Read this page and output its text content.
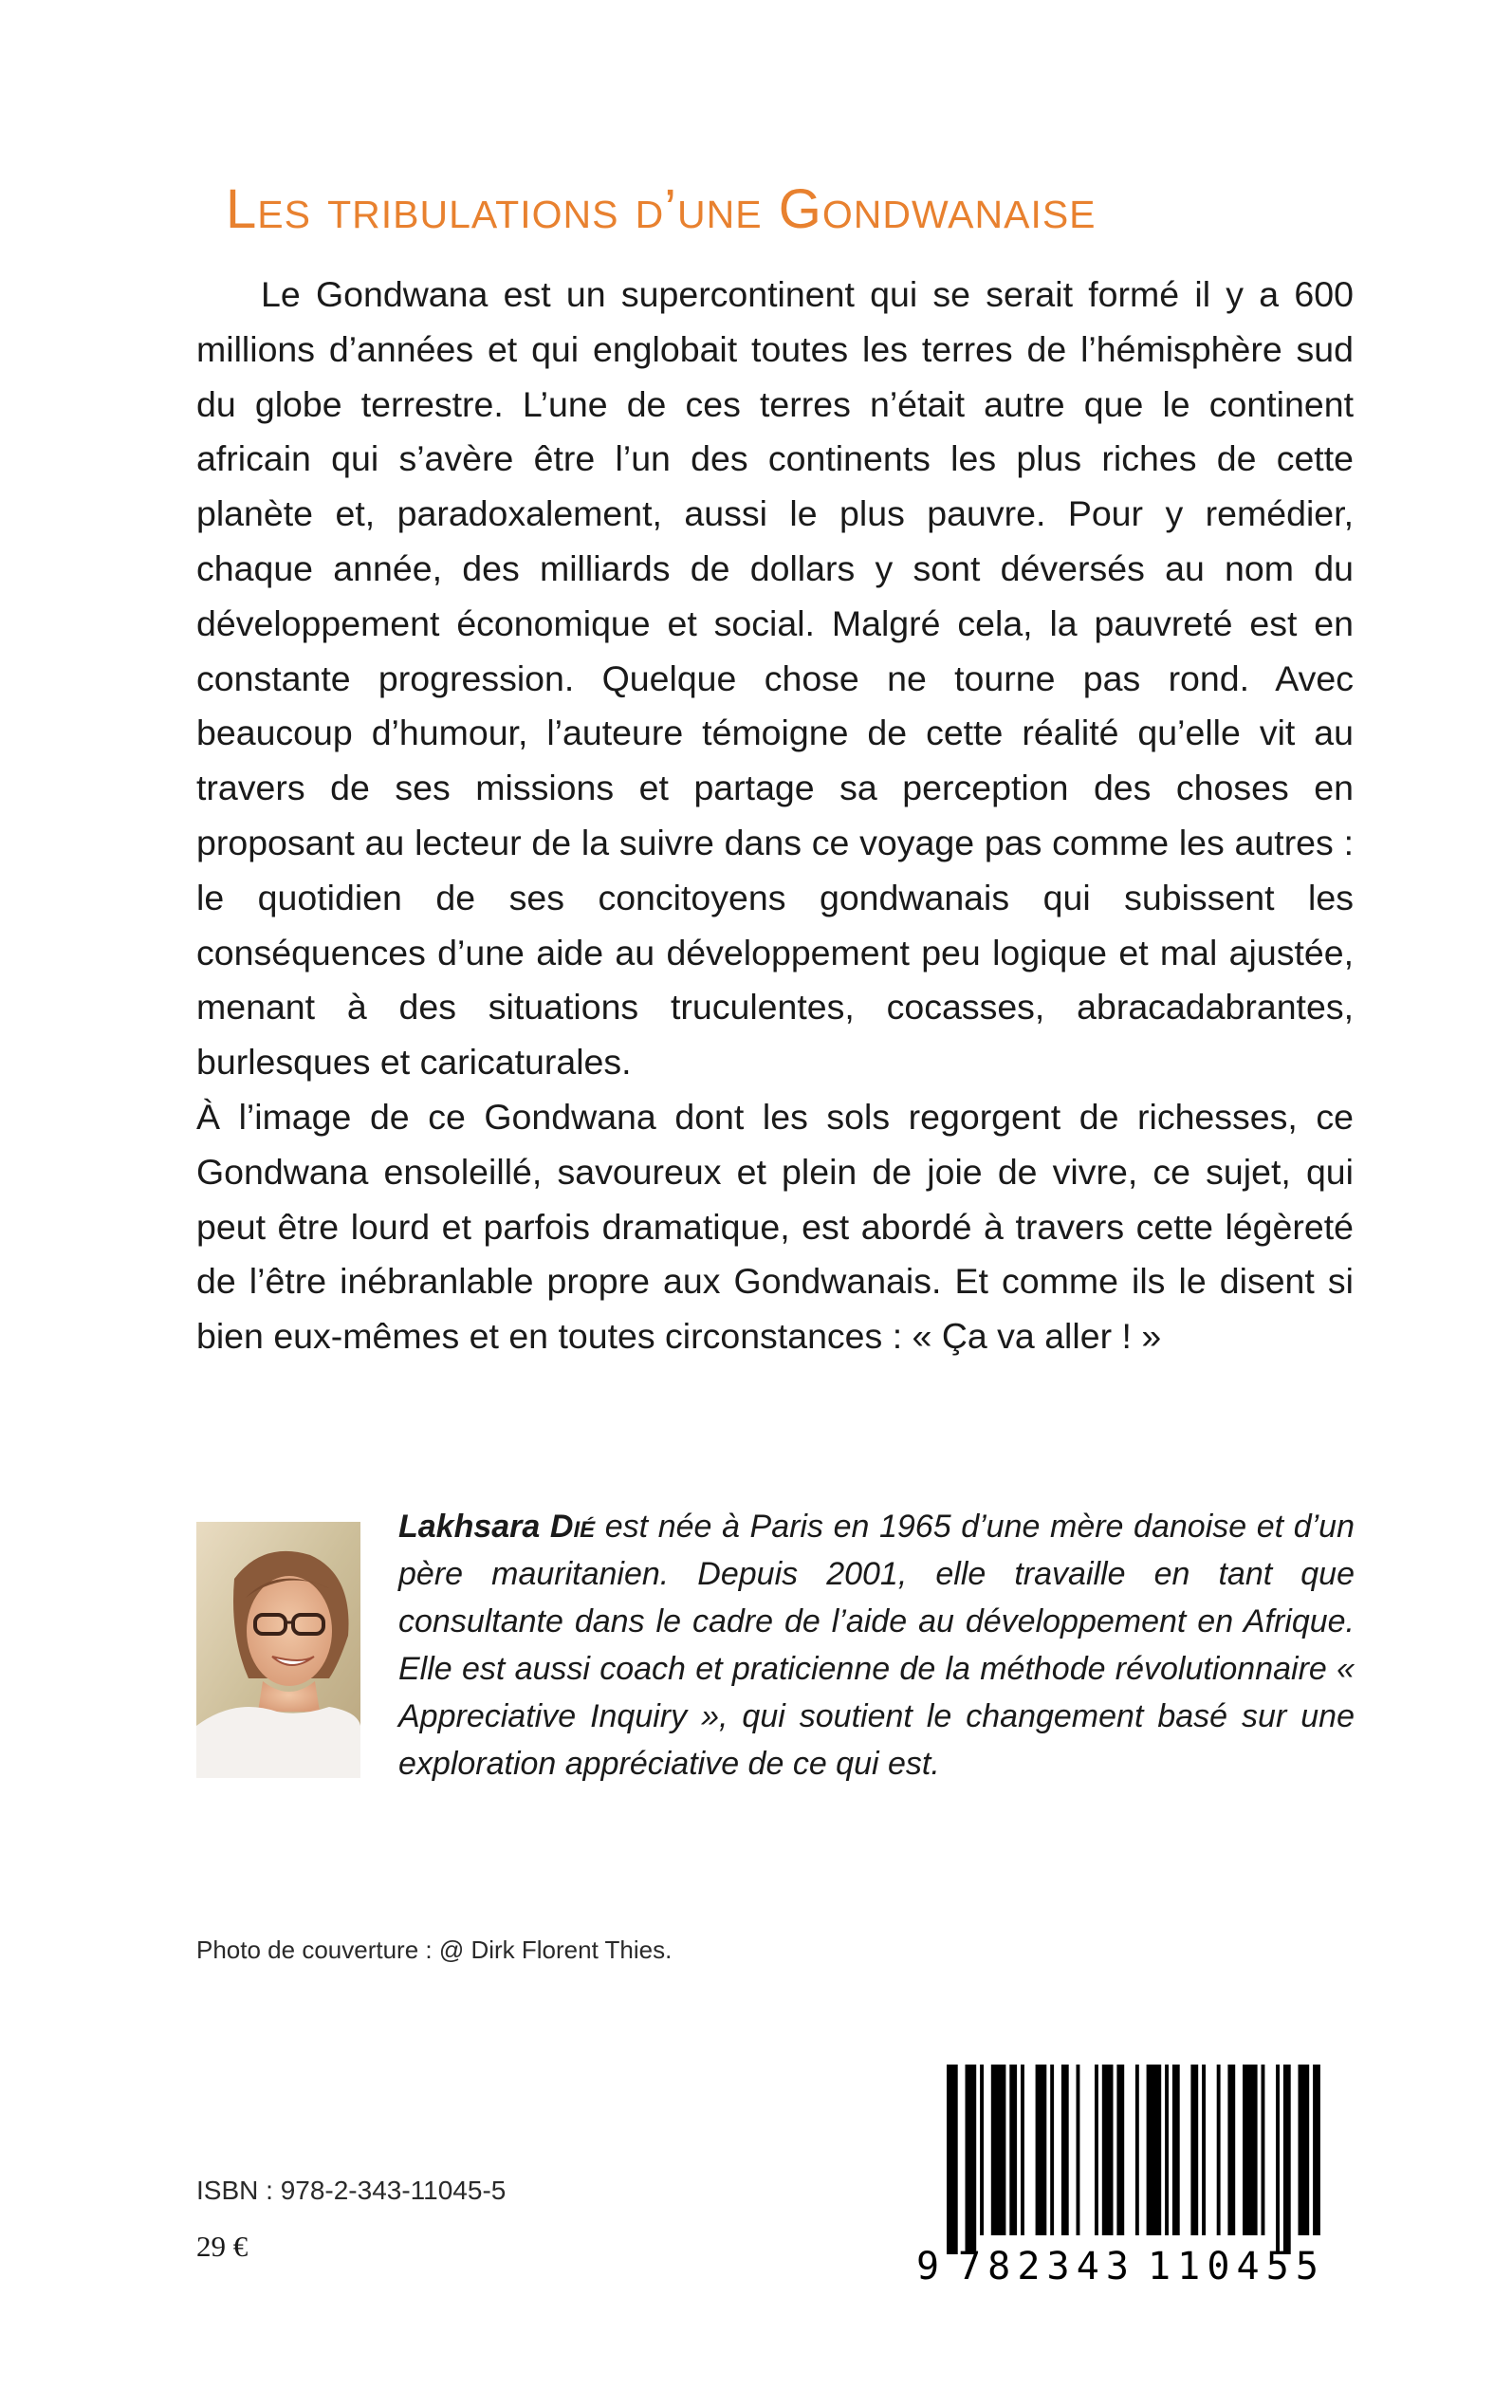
Les tribulations d’une Gondwanaise

Le Gondwana est un supercontinent qui se serait formé il y a 600 millions d’années et qui englobait toutes les terres de l’hémisphère sud du globe terrestre. L’une de ces terres n’était autre que le continent africain qui s’avère être l’un des continents les plus riches de cette planète et, paradoxalement, aussi le plus pauvre. Pour y remédier, chaque année, des milliards de dollars y sont déversés au nom du développement économique et social. Malgré cela, la pauvreté est en constante progression. Quelque chose ne tourne pas rond. Avec beaucoup d’humour, l’auteure témoigne de cette réalité qu’elle vit au travers de ses missions et partage sa perception des choses en proposant au lecteur de la suivre dans ce voyage pas comme les autres : le quotidien de ses concitoyens gondwanais qui subissent les conséquences d’une aide au développement peu logique et mal ajustée, menant à des situations truculentes, cocasses, abracadabrantes, burlesques et caricaturales.

À l’image de ce Gondwana dont les sols regorgent de richesses, ce Gondwana ensoleillé, savoureux et plein de joie de vivre, ce sujet, qui peut être lourd et parfois dramatique, est abordé à travers cette légèreté de l’être inébranlable propre aux Gondwanais. Et comme ils le disent si bien eux-mêmes et en toutes circonstances : « Ça va aller ! »

Lakhsara Dié est née à Paris en 1965 d’une mère danoise et d’un père mauritanien. Depuis 2001, elle travaille en tant que consultante dans le cadre de l’aide au développement en Afrique. Elle est aussi coach et praticienne de la méthode révolutionnaire « Appreciative Inquiry », qui soutient le changement basé sur une exploration appréciative de ce qui est.

Photo de couverture : @ Dirk Florent Thies.
ISBN : 978-2-343-11045-5
29 €	9 782343 110455
